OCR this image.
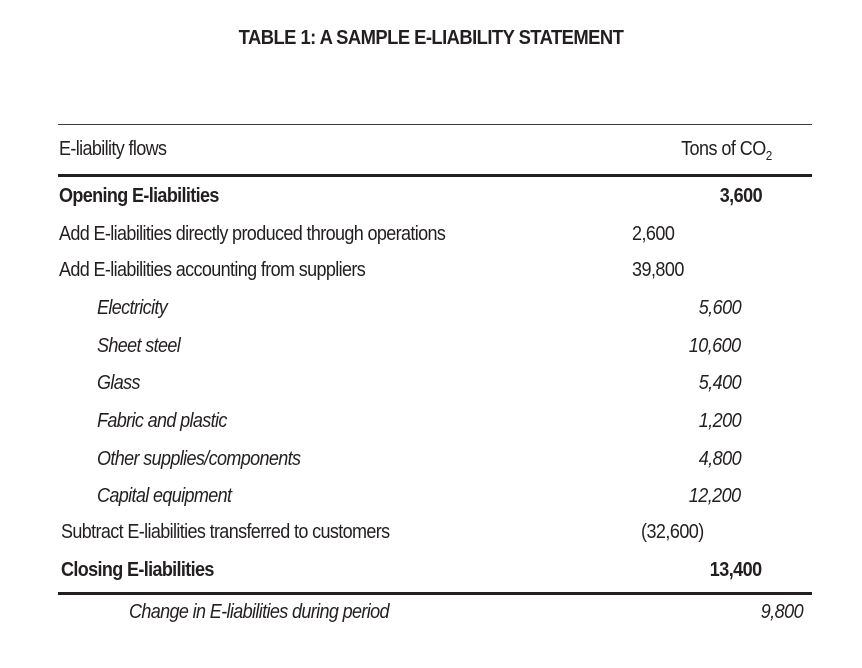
TABLE 1: A SAMPLE E-LIABILITY STATEMENT
E-liability flows	Tons of $CO_2$
Opening E-liabilities	3,600
Add E-liabilities directly produced through operations	2,600
Add E-liabilities accounting from suppliers	39,800
Electricity	5,600
Sheet steel	10,600
Glass	5,400
Fabric and plastic	1,200
Other supplies/components	4,800
Capital equipment	12,200
Subtract E-liabilities transferred to customers	(32,600)
Closing E-liabilities	13,400
Change in E-liabilities during period	9,800
